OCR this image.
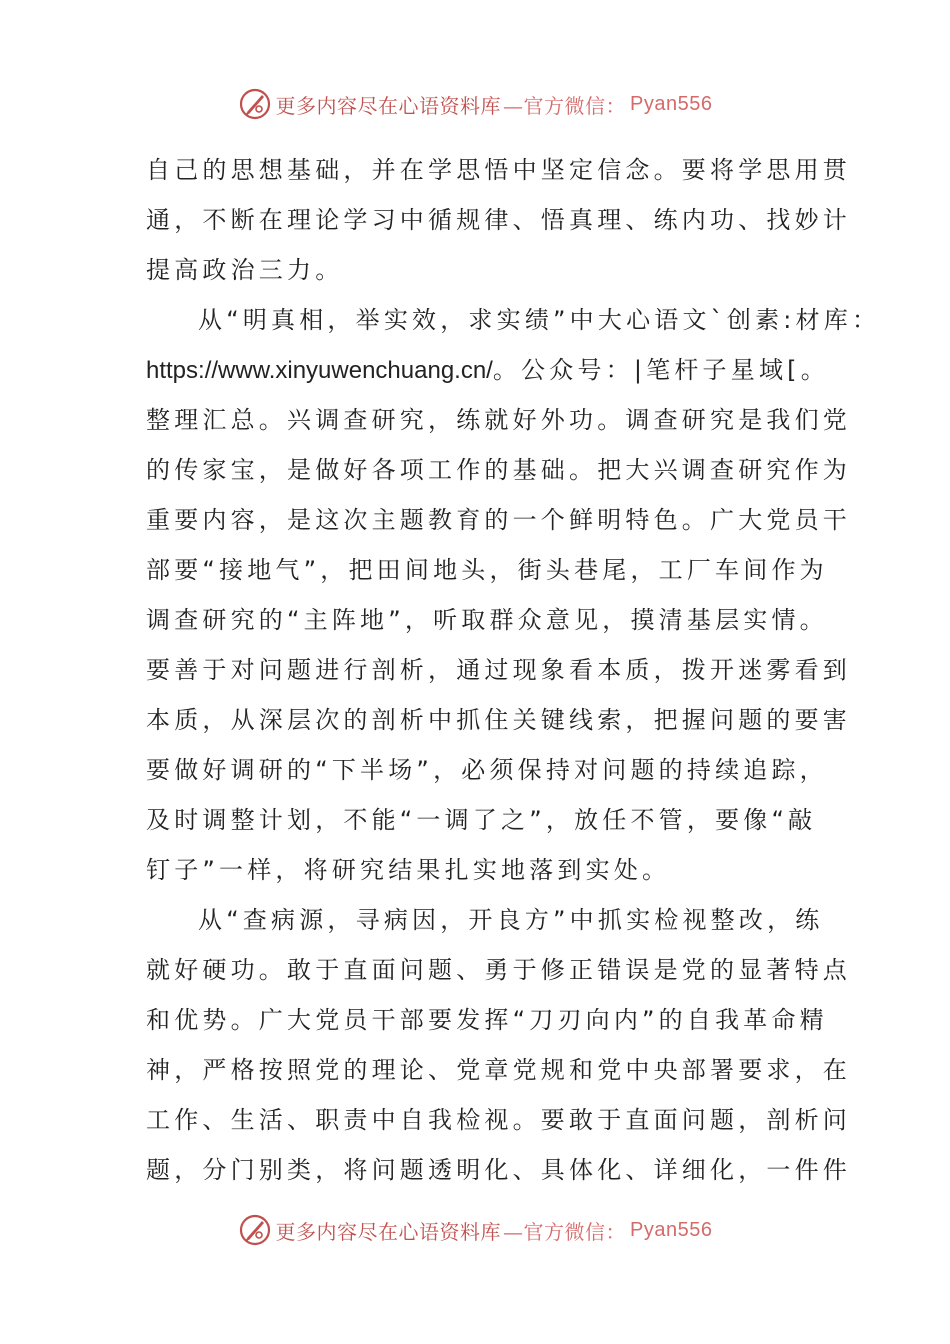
更多内容尽在心语资料库 —官方微信： Pyan556
自己的思想基础，并在学思悟中坚定信念。要将学思用贯
通，不断在理论学习中循规律、悟真理、练内功、找妙计
提高政治三力。
从“明真相，举实效，求实绩”中大心语文`创素:材库：
https://www.xinyuwenchuang.cn/。公众号：|笔杆子星域[。
整理汇总。兴调查研究，练就好外功。调查研究是我们党
的传家宝，是做好各项工作的基础。把大兴调查研究作为
重要内容，是这次主题教育的一个鲜明特色。广大党员干
部要“接地气”，把田间地头，街头巷尾，工厂车间作为
调查研究的“主阵地”，听取群众意见，摸清基层实情。
要善于对问题进行剖析，通过现象看本质，拨开迷雾看到
本质，从深层次的剖析中抓住关键线索，把握问题的要害
要做好调研的“下半场”，必须保持对问题的持续追踪，
及时调整计划，不能“一调了之”，放任不管，要像“敲
钉子”一样，将研究结果扎实地落到实处。
从“查病源，寻病因，开良方”中抓实检视整改，练
就好硬功。敢于直面问题、勇于修正错误是党的显著特点
和优势。广大党员干部要发挥“刀刃向内”的自我革命精
神，严格按照党的理论、党章党规和党中央部署要求，在
工作、生活、职责中自我检视。要敢于直面问题，剖析问
题，分门别类，将问题透明化、具体化、详细化，一件件
更多内容尽在心语资料库 —官方微信： Pyan556
